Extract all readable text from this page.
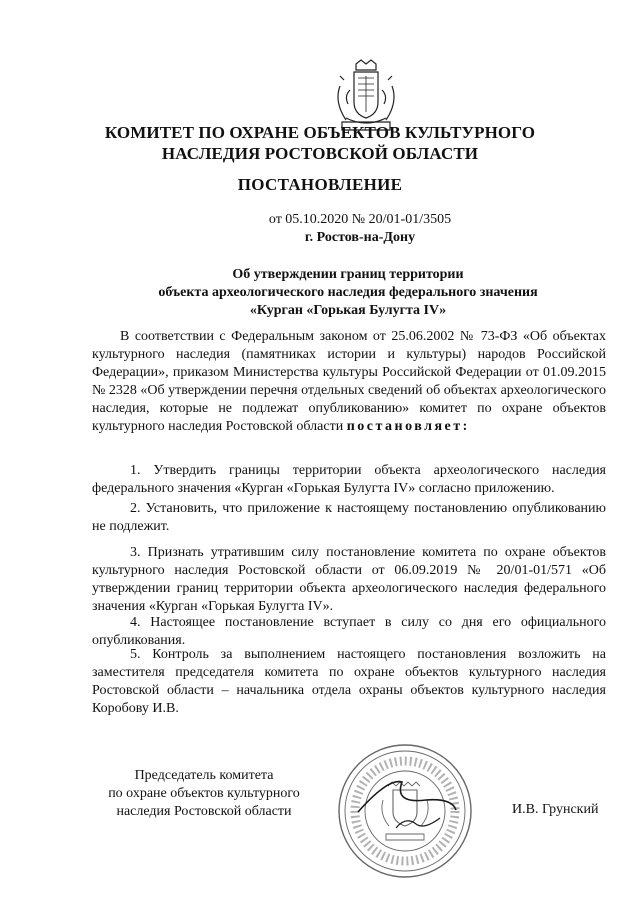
КОМИТЕТ ПО ОХРАНЕ ОБЪЕКТОВ КУЛЬТУРНОГО
НАСЛЕДИЯ РОСТОВСКОЙ ОБЛАСТИ
ПОСТАНОВЛЕНИЕ
от 05.10.2020 № 20/01-01/3505
г. Ростов-на-Дону
Об утверждении границ территории
объекта археологического наследия федерального значения
«Курган «Горькая Булугта IV»
В соответствии с Федеральным законом от 25.06.2002 № 73-ФЗ «Об объектах культурного наследия (памятниках истории и культуры) народов Российской Федерации», приказом Министерства культуры Российской Федерации от 01.09.2015 № 2328 «Об утверждении перечня отдельных сведений об объектах археологического наследия, которые не подлежат опубликованию» комитет по охране объектов культурного наследия Ростовской области постановляет:
1. Утвердить границы территории объекта археологического наследия федерального значения «Курган «Горькая Булугта IV» согласно приложению.
2. Установить, что приложение к настоящему постановлению опубликованию не подлежит.
3. Признать утратившим силу постановление комитета по охране объектов культурного наследия Ростовской области от 06.09.2019 № 20/01-01/571 «Об утверждении границ территории объекта археологического наследия федерального значения «Курган «Горькая Булугта IV».
4. Настоящее постановление вступает в силу со дня его официального опубликования.
5. Контроль за выполнением настоящего постановления возложить на заместителя председателя комитета по охране объектов культурного наследия Ростовской области – начальника отдела охраны объектов культурного наследия Коробову И.В.
Председатель комитета
по охране объектов культурного
наследия Ростовской области	И.В. Грунский
